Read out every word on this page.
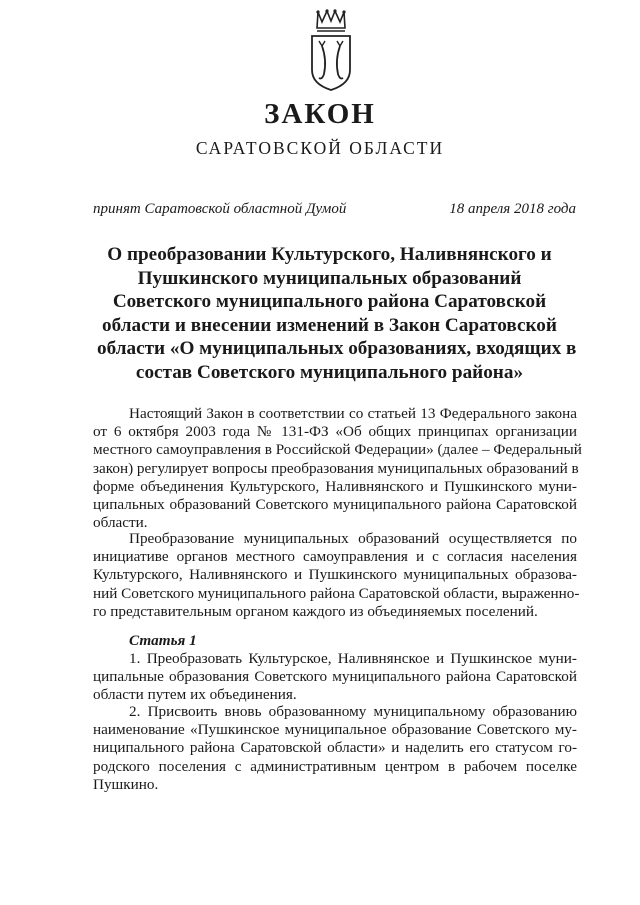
ЗАКОН
САРАТОВСКОЙ ОБЛАСТИ
принят Саратовской областной Думой	18 апреля 2018 года
О преобразовании Культурского, Наливнянского и
Пушкинского муниципальных образований
Советского муниципального района Саратовской
области и внесении изменений в Закон Саратовской
области «О муниципальных образованиях, входящих в
состав Советского муниципального района»
Настоящий Закон в соответствии со статьей 13 Федерального закона
от 6 октября 2003 года № 131-ФЗ «Об общих принципах организации
местного самоуправления в Российской Федерации» (далее – Федеральный
закон) регулирует вопросы преобразования муниципальных образований в
форме объединения Культурского, Наливнянского и Пушкинского муни-
ципальных образований Советского муниципального района Саратовской
области.
Преобразование муниципальных образований осуществляется по
инициативе органов местного самоуправления и с согласия населения
Культурского, Наливнянского и Пушкинского муниципальных образова-
ний Советского муниципального района Саратовской области, выраженно-
го представительным органом каждого из объединяемых поселений.
Статья 1
1. Преобразовать Культурское, Наливнянское и Пушкинское муни-
ципальные образования Советского муниципального района Саратовской
области путем их объединения.
2. Присвоить вновь образованному муниципальному образованию
наименование «Пушкинское муниципальное образование Советского му-
ниципального района Саратовской области» и наделить его статусом го-
родского поселения с административным центром в рабочем поселке
Пушкино.
